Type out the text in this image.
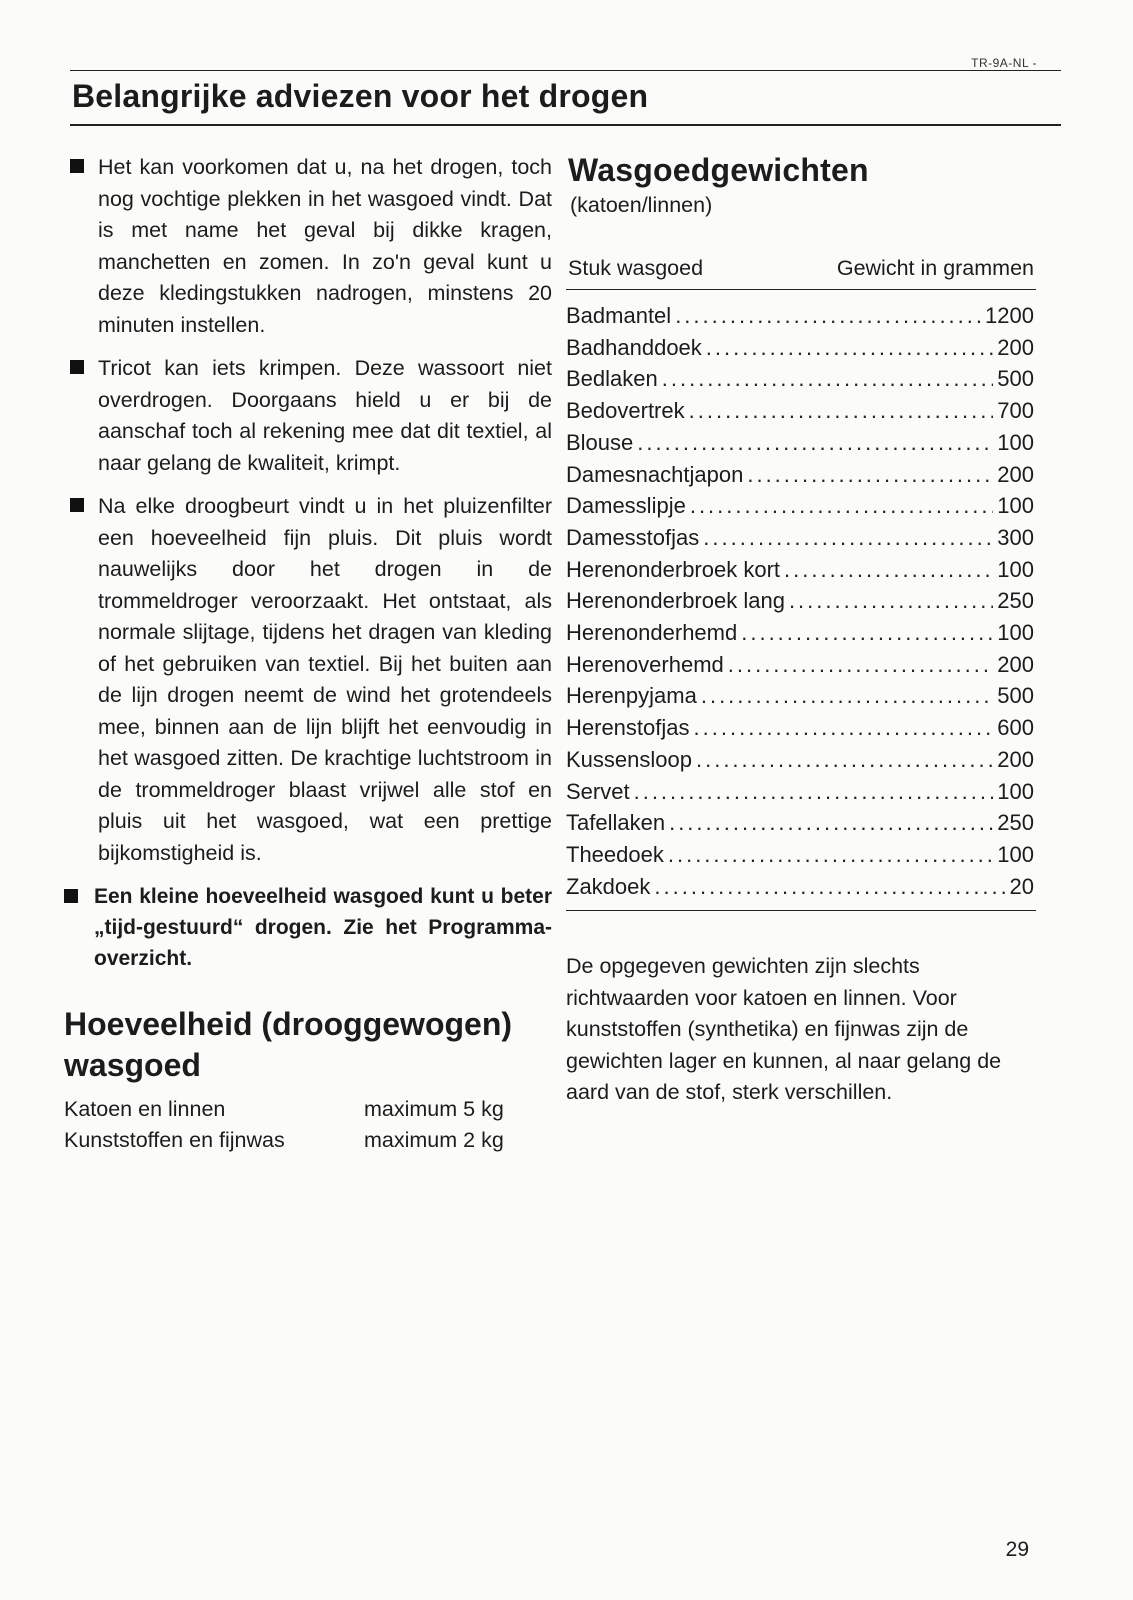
TR-9A-NL -
Belangrijke adviezen voor het drogen
Het kan voorkomen dat u, na het drogen, toch nog vochtige plekken in het wasgoed vindt. Dat is met name het geval bij dikke kragen, manchetten en zomen. In zo'n geval kunt u deze kledingstukken nadrogen, minstens 20 minuten instellen.
Tricot kan iets krimpen. Deze wassoort niet overdrogen. Doorgaans hield u er bij de aanschaf toch al rekening mee dat dit textiel, al naar gelang de kwaliteit, krimpt.
Na elke droogbeurt vindt u in het pluizenfilter een hoeveelheid fijn pluis. Dit pluis wordt nauwelijks door het drogen in de trommeldroger veroorzaakt. Het ontstaat, als normale slijtage, tijdens het dragen van kleding of het gebruiken van textiel. Bij het buiten aan de lijn drogen neemt de wind het grotendeels mee, binnen aan de lijn blijft het eenvoudig in het wasgoed zitten. De krachtige luchtstroom in de trommeldroger blaast vrijwel alle stof en pluis uit het wasgoed, wat een prettige bijkomstigheid is.
Een kleine hoeveelheid wasgoed kunt u beter „tijd-gestuurd“ drogen. Zie het Programma-overzicht.
Hoeveelheid (drooggewogen) wasgoed
Katoen en linnen	maximum 5 kg
Kunststoffen en fijnwas	maximum 2 kg
Wasgoedgewichten
(katoen/linnen)
Stuk wasgoed	Gewicht in grammen
Badmantel .....	1200
Badhanddoek .....	200
Bedlaken .....	500
Bedovertrek .....	700
Blouse .....	100
Damesnachtjapon .....	200
Damesslipje .....	100
Damesstofjas .....	300
Herenonderbroek kort .....	100
Herenonderbroek lang .....	250
Herenonderhemd .....	100
Herenoverhemd .....	200
Herenpyjama .....	500
Herenstofjas .....	600
Kussensloop .....	200
Servet .....	100
Tafellaken .....	250
Theedoek .....	100
Zakdoek .....	20
De opgegeven gewichten zijn slechts richtwaarden voor katoen en linnen. Voor kunststoffen (synthetika) en fijnwas zijn de gewichten lager en kunnen, al naar gelang de aard van de stof, sterk verschillen.
29
